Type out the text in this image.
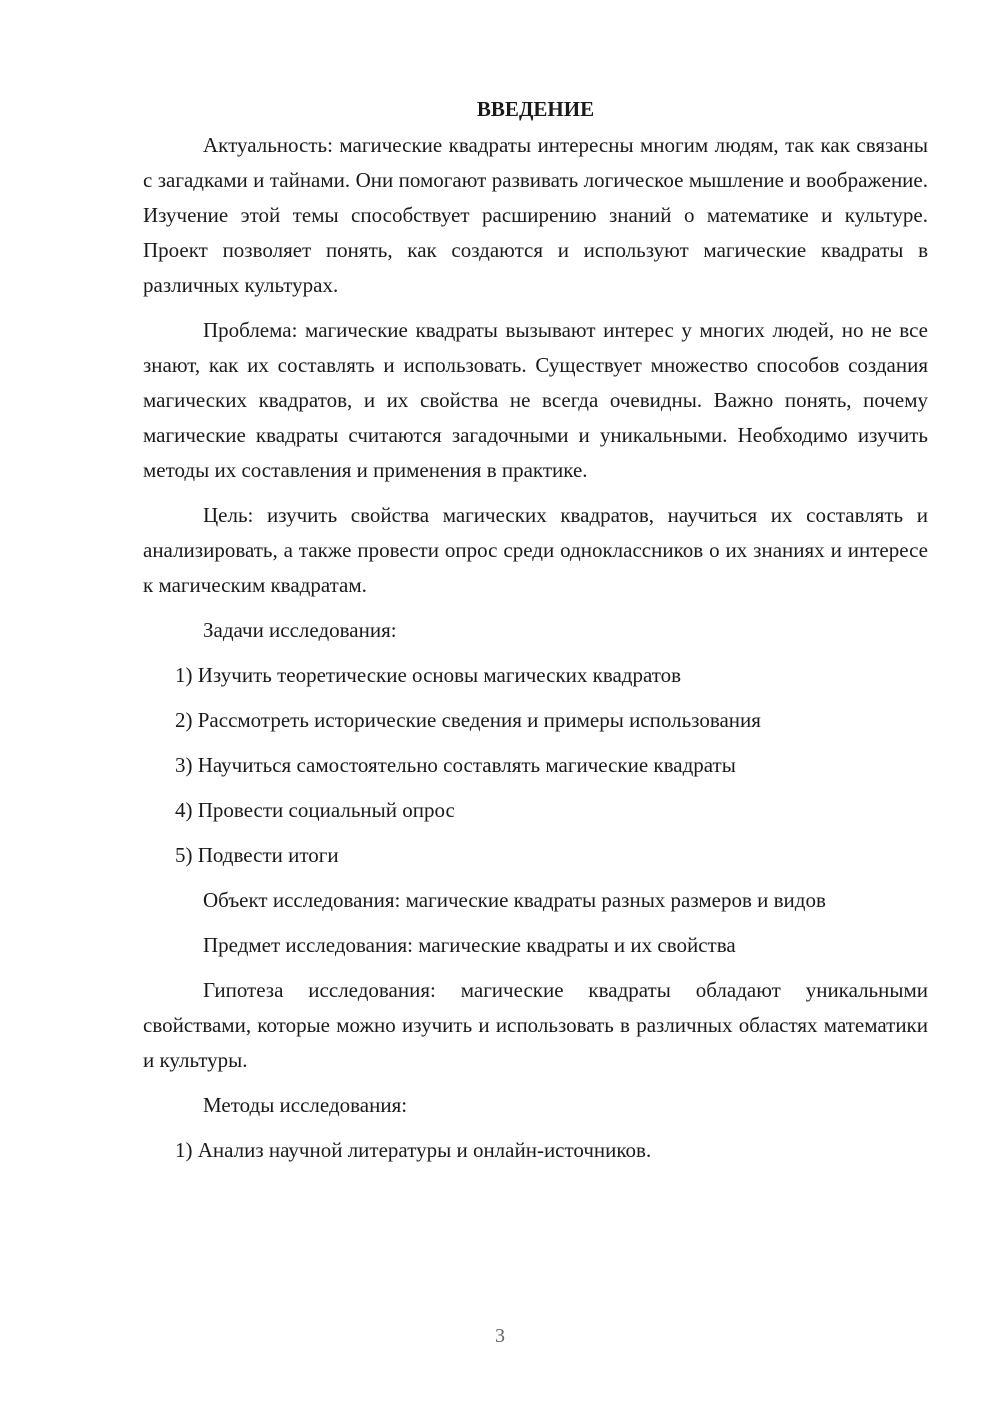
ВВЕДЕНИЕ

Актуальность: магические квадраты интересны многим людям, так как связаны с загадками и тайнами. Они помогают развивать логическое мышление и воображение. Изучение этой темы способствует расширению знаний о математике и культуре. Проект позволяет понять, как создаются и используют магические квадраты в различных культурах.

Проблема: магические квадраты вызывают интерес у многих людей, но не все знают, как их составлять и использовать. Существует множество способов создания магических квадратов, и их свойства не всегда очевидны. Важно понять, почему магические квадраты считаются загадочными и уникальными. Необходимо изучить методы их составления и применения в практике.

Цель: изучить свойства магических квадратов, научиться их составлять и анализировать, а также провести опрос среди одноклассников о их знаниях и интересе к магическим квадратам.

Задачи исследования:

1) Изучить теоретические основы магических квадратов

2) Рассмотреть исторические сведения и примеры использования

3) Научиться самостоятельно составлять магические квадраты

4) Провести социальный опрос

5) Подвести итоги

Объект исследования: магические квадраты разных размеров и видов

Предмет исследования: магические квадраты и их свойства

Гипотеза исследования: магические квадраты обладают уникальными свойствами, которые можно изучить и использовать в различных областях математики и культуры.

Методы исследования:

1) Анализ научной литературы и онлайн-источников.

3
